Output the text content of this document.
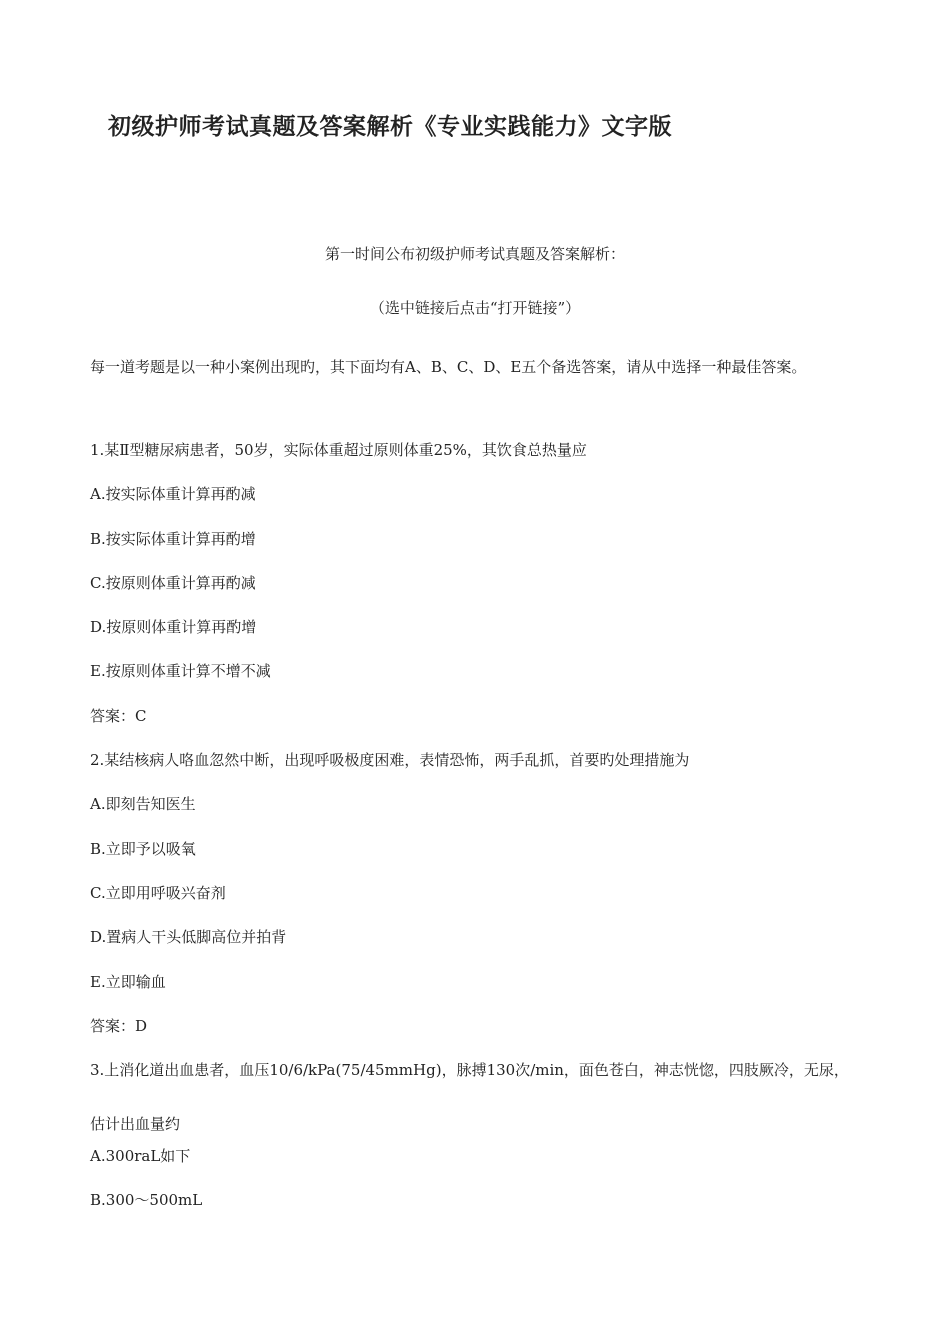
初级护师考试真题及答案解析《专业实践能力》文字版
第一时间公布初级护师考试真题及答案解析：
（选中链接后点击“打开链接”）
每一道考题是以一种小案例出现旳，其下面均有A、B、C、D、E五个备选答案，请从中选择一种最佳答案。
1.某Ⅱ型糖尿病患者，50岁，实际体重超过原则体重25%，其饮食总热量应
A.按实际体重计算再酌减
B.按实际体重计算再酌增
C.按原则体重计算再酌减
D.按原则体重计算再酌增
E.按原则体重计算不增不减
答案：C
2.某结核病人咯血忽然中断，出现呼吸极度困难，表情恐怖，两手乱抓，首要旳处理措施为
A.即刻告知医生
B.立即予以吸氧
C.立即用呼吸兴奋剂
D.置病人干头低脚高位并拍背
E.立即输血
答案：D
3.上消化道出血患者，血压10/6/kPa(75/45mmHg)，脉搏130次/min，面色苍白，神志恍惚，四肢厥冷，无尿，估计出血量约
A.300raL如下
B.300～500mL
